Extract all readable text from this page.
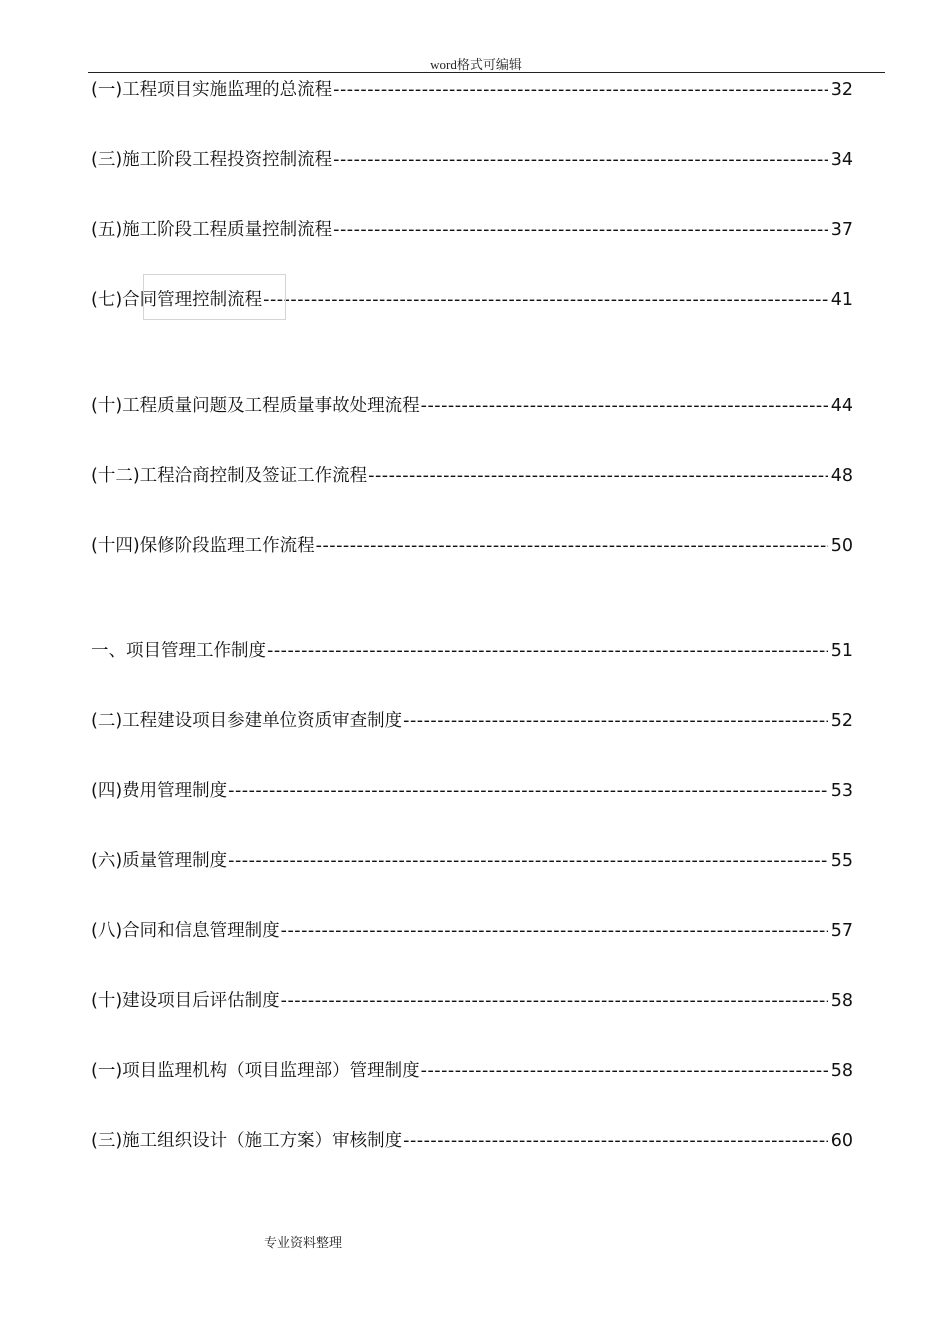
word格式可编辑
(一)工程项目实施监理的总流程 -----	32
(三)施工阶段工程投资控制流程 -----	34
(五)施工阶段工程质量控制流程 -----	37
(七)合同管理控制流程 -----	41
(十)工程质量问题及工程质量事故处理流程 -----	44
(十二)工程洽商控制及签证工作流程 -----	48
(十四)保修阶段监理工作流程 -----	50
一、项目管理工作制度 -----	51
(二)工程建设项目参建单位资质审查制度 -----	52
(四)费用管理制度 -----	53
(六)质量管理制度 -----	55
(八)合同和信息管理制度 -----	57
(十)建设项目后评估制度 -----	58
(一)项目监理机构（项目监理部）管理制度 -----	58
(三)施工组织设计（施工方案）审核制度 -----	60
专业资料整理
